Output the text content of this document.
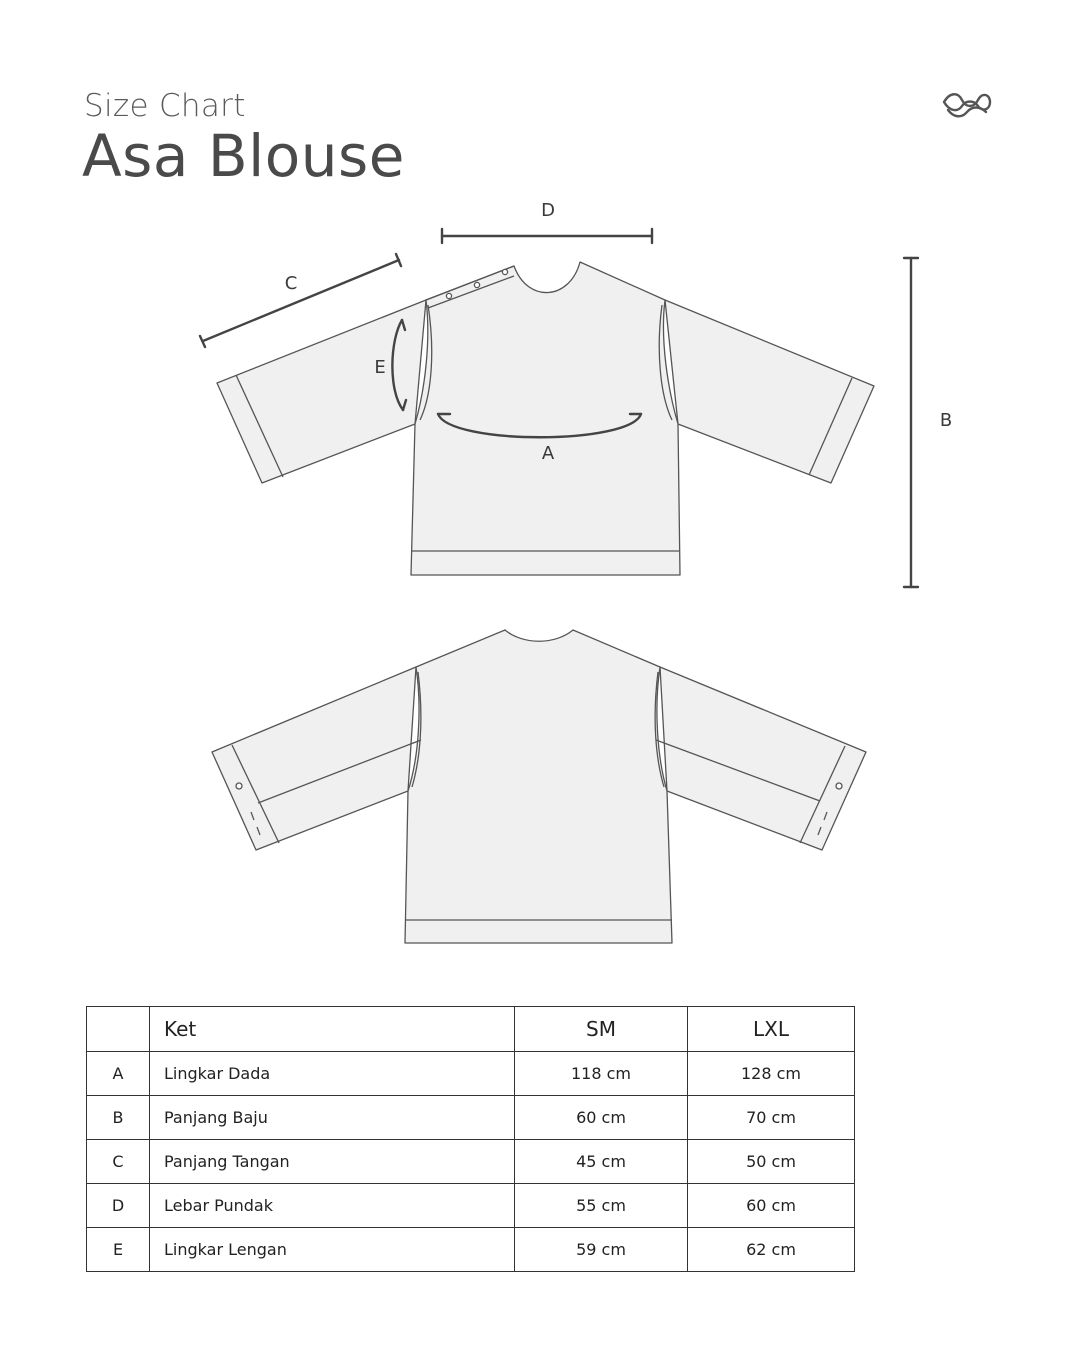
Size Chart
Asa Blouse
D
C
E
A
B
	Ket	SM	LXL
A	Lingkar Dada	118 cm	128 cm
B	Panjang Baju	60 cm	70 cm
C	Panjang Tangan	45 cm	50 cm
D	Lebar Pundak	55 cm	60 cm
E	Lingkar Lengan	59 cm	62 cm
